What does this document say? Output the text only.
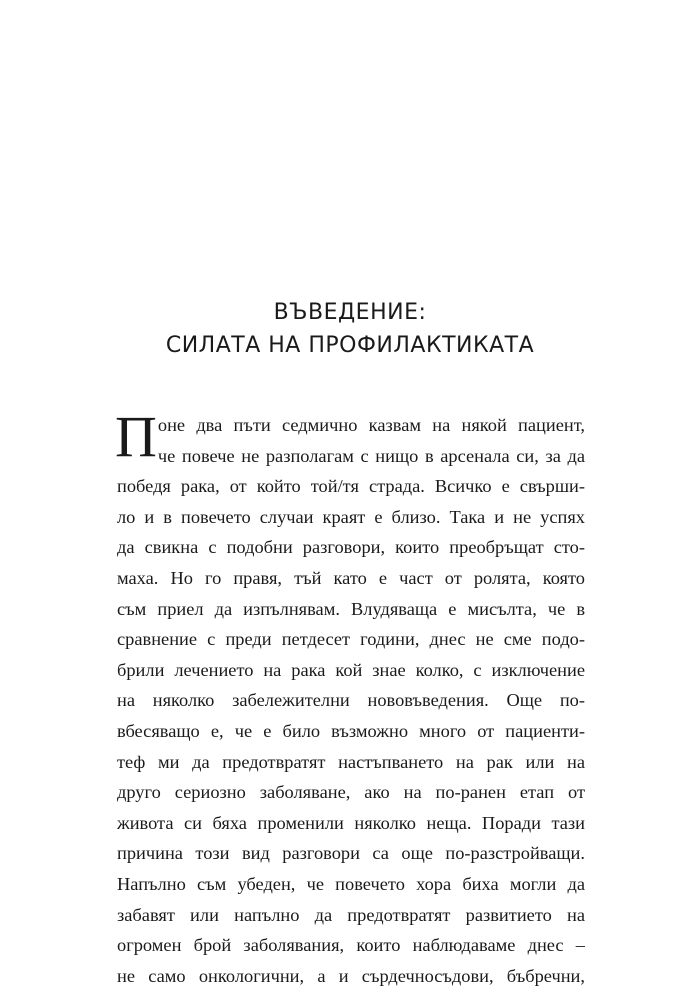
ВЪВЕДЕНИЕ:
СИЛАТА НА ПРОФИЛАКТИКАТА
П оне два пъти седмично казвам на някой пациент,
че повече не разполагам с нищо в арсенала си, за да
победя рака, от който той/тя страда. Всичко е свърши-
ло и в повечето случаи краят е близо. Така и не успях
да свикна с подобни разговори, които преобръщат сто-
маха. Но го правя, тъй като е част от ролята, която
съм приел да изпълнявам. Влудяваща е мисълта, че в
сравнение с преди петдесет години, днес не сме подо-
брили лечението на рака кой знае колко, с изключение
на няколко забележителни нововъведения. Още по-
вбесяващо е, че е било възможно много от пациенти-
теф ми да предотвратят настъпването на рак или на
друго сериозно заболяване, ако на по-ранен етап от
живота си бяха променили няколко неща. Поради тази
причина този вид разговори са още по-разстройващи.
Напълно съм убеден, че повечето хора биха могли да
забавят или напълно да предотвратят развитието на
огромен брой заболявания, които наблюдаваме днес –
не само онкологични, а и сърдечносъдови, бъбречни,
